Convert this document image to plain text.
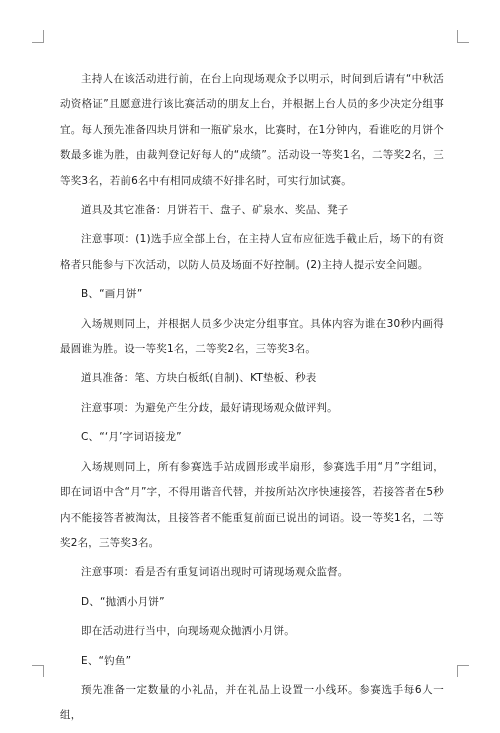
主持人在该活动进行前，在台上向现场观众予以明示，时间到后请有“中秋活动资格证”且愿意进行该比赛活动的朋友上台，并根据上台人员的多少决定分组事宜。每人预先准备四块月饼和一瓶矿泉水，比赛时，在1分钟内，看谁吃的月饼个数最多谁为胜，由裁判登记好每人的“成绩”。活动设一等奖1名，二等奖2名，三等奖3名，若前6名中有相同成绩不好排名时，可实行加试赛。

道具及其它准备：月饼若干、盘子、矿泉水、奖品、凳子

注意事项：(1)选手应全部上台，在主持人宣布应征选手截止后，场下的有资格者只能参与下次活动，以防人员及场面不好控制。(2)主持人提示安全问题。

B、“画月饼”

入场规则同上，并根据人员多少决定分组事宜。具体内容为谁在30秒内画得最圆谁为胜。设一等奖1名，二等奖2名，三等奖3名。

道具准备：笔、方块白板纸(自制)、KT垫板、秒表

注意事项：为避免产生分歧，最好请现场观众做评判。

C、“‘月’字词语接龙”

入场规则同上，所有参赛选手站成圆形或半扇形，参赛选手用“月”字组词，即在词语中含“月”字，不得用谐音代替，并按所站次序快速接答，若接答者在5秒内不能接答者被淘汰，且接答者不能重复前面已说出的词语。设一等奖1名，二等奖2名，三等奖3名。

注意事项：看是否有重复词语出现时可请现场观众监督。

D、“抛洒小月饼”

即在活动进行当中，向现场观众抛洒小月饼。

E、“钓鱼”

预先准备一定数量的小礼品，并在礼品上设置一小线环。参赛选手每6人一组，
